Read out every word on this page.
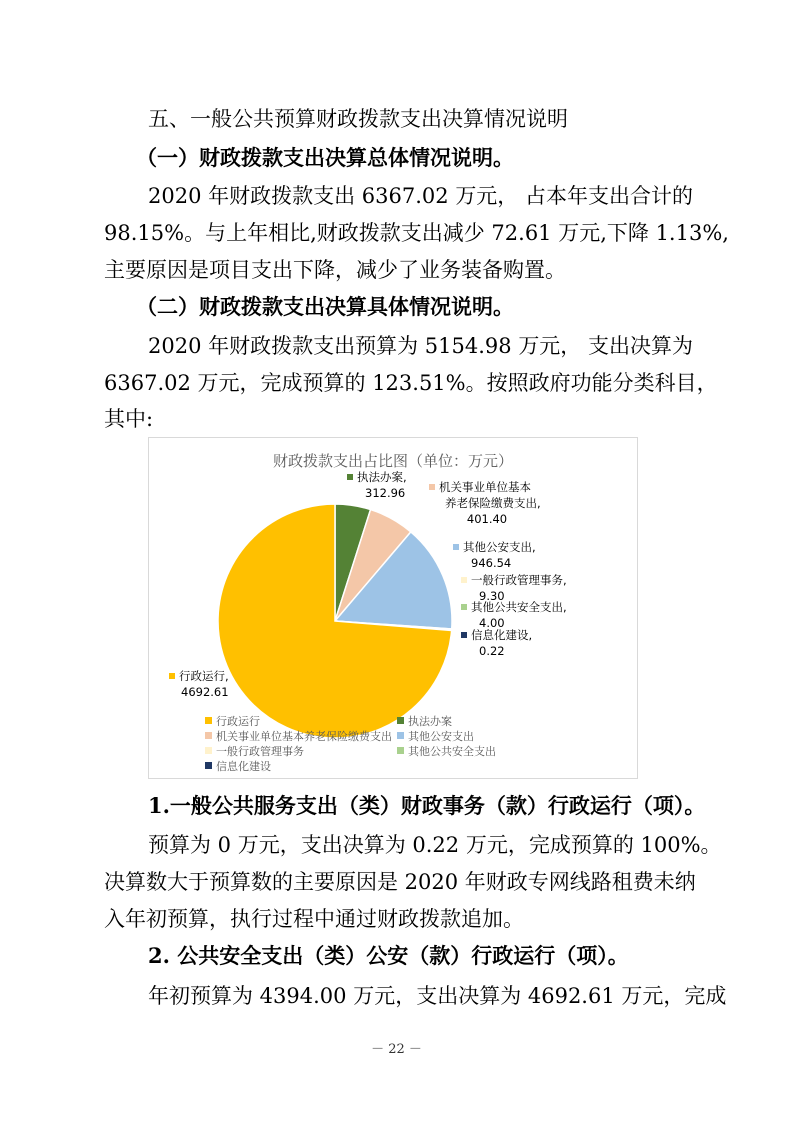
五、一般公共预算财政拨款支出决算情况说明
（一）财政拨款支出决算总体情况说明。
2020 年财政拨款支出 6367.02 万元， 占本年支出合计的
98.15%。与上年相比,财政拨款支出减少 72.61 万元,下降 1.13%,
主要原因是项目支出下降，减少了业务装备购置。
（二）财政拨款支出决算具体情况说明。
2020 年财政拨款支出预算为 5154.98 万元， 支出决算为
6367.02 万元，完成预算的 123.51%。按照政府功能分类科目，
其中:
财政拨款支出占比图（单位：万元）
行政运行,
4692.61
执法办案,
312.96	机关事业单位基本
养老保险缴费支出,
401.40
其他公安支出,
946.54
一般行政管理事务,
9.30
其他公共安全支出,
4.00
信息化建设,
0.22
行政运行	执法办案
机关事业单位基本养老保险缴费支出 其他公安支出
一般行政管理事务	其他公共安全支出
信息化建设
1.一般公共服务支出（类）财政事务（款）行政运行（项）。
预算为 0 万元，支出决算为 0.22 万元，完成预算的 100%。
决算数大于预算数的主要原因是 2020 年财政专网线路租费未纳
入年初预算，执行过程中通过财政拨款追加。
2. 公共安全支出（类）公安（款）行政运行（项）。
年初预算为 4394.00 万元，支出决算为 4692.61 万元，完成
－ 22 －
